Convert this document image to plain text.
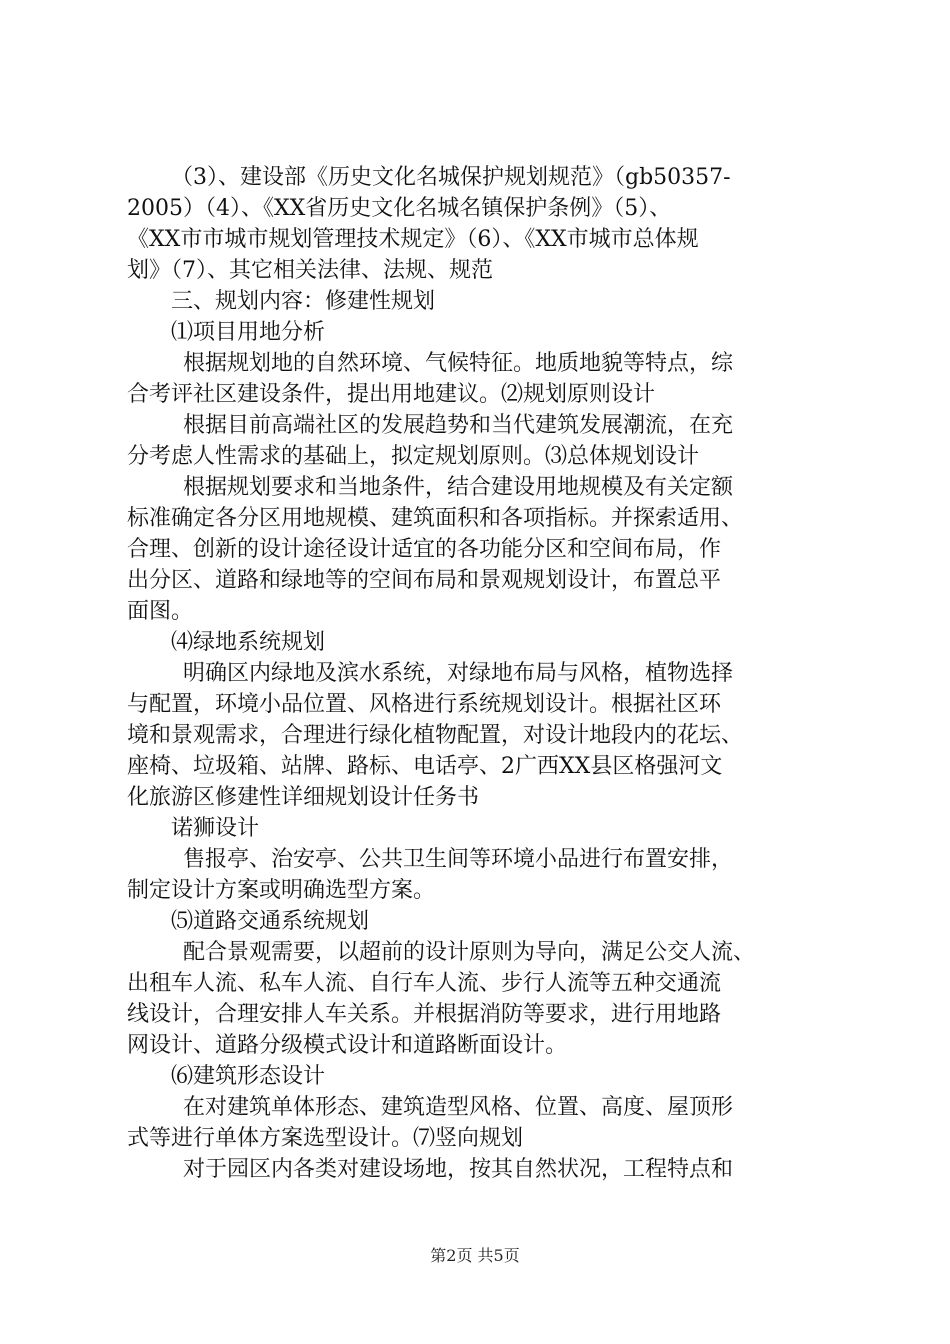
（3）、建设部《历史文化名城保护规划规范》（gb50357-
2005）（4）、《XX省历史文化名城名镇保护条例》（5）、
《XX市市城市规划管理技术规定》（6）、《XX市城市总体规
划》（7）、其它相关法律、法规、规范
三、规划内容：修建性规划
⑴项目用地分析
根据规划地的自然环境、气候特征。地质地貌等特点，综
合考评社区建设条件，提出用地建议。⑵规划原则设计
根据目前高端社区的发展趋势和当代建筑发展潮流，在充
分考虑人性需求的基础上，拟定规划原则。⑶总体规划设计
根据规划要求和当地条件，结合建设用地规模及有关定额
标准确定各分区用地规模、建筑面积和各项指标。并探索适用、
合理、创新的设计途径设计适宜的各功能分区和空间布局，作
出分区、道路和绿地等的空间布局和景观规划设计，布置总平
面图。
⑷绿地系统规划
明确区内绿地及滨水系统，对绿地布局与风格，植物选择
与配置，环境小品位置、风格进行系统规划设计。根据社区环
境和景观需求，合理进行绿化植物配置，对设计地段内的花坛、
座椅、垃圾箱、站牌、路标、电话亭、2广西XX县区格强河文
化旅游区修建性详细规划设计任务书
诺狮设计
售报亭、治安亭、公共卫生间等环境小品进行布置安排，
制定设计方案或明确选型方案。
⑸道路交通系统规划
配合景观需要，以超前的设计原则为导向，满足公交人流、
出租车人流、私车人流、自行车人流、步行人流等五种交通流
线设计，合理安排人车关系。并根据消防等要求，进行用地路
网设计、道路分级模式设计和道路断面设计。
⑹建筑形态设计
在对建筑单体形态、建筑造型风格、位置、高度、屋顶形
式等进行单体方案选型设计。⑺竖向规划
对于园区内各类对建设场地，按其自然状况，工程特点和
第2页 共5页
